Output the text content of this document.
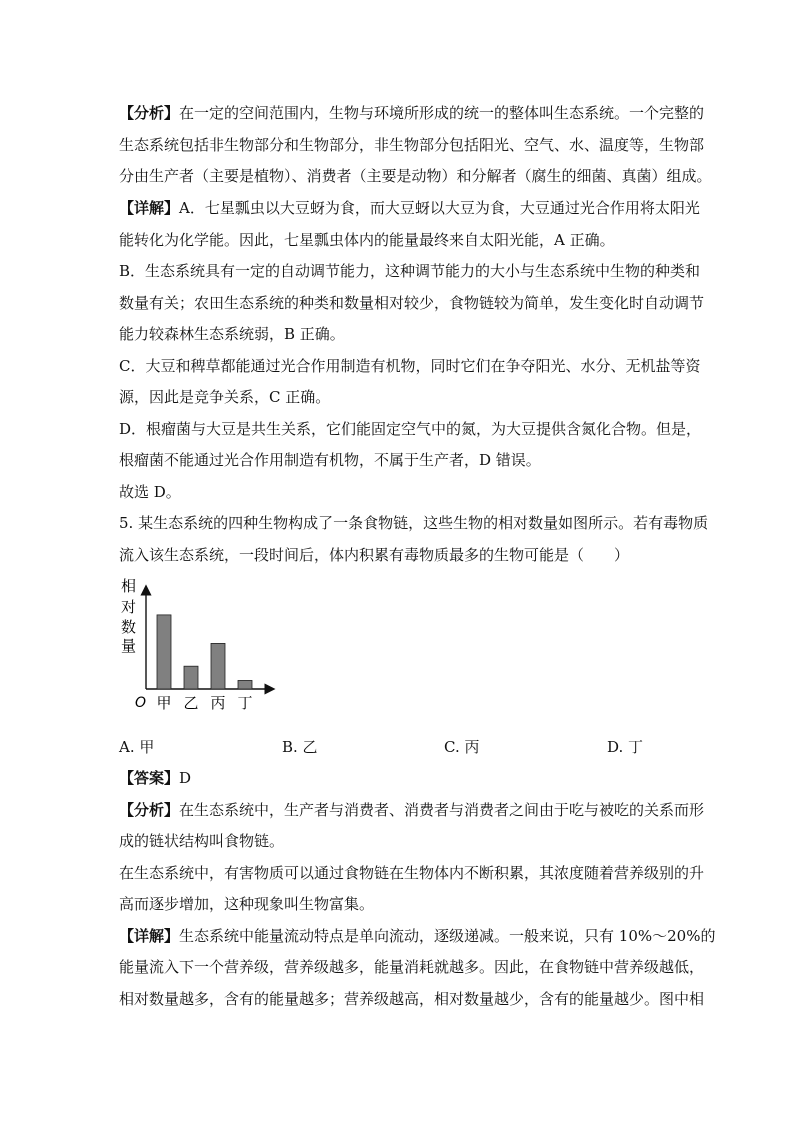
【分析】在一定的空间范围内，生物与环境所形成的统一的整体叫生态系统。一个完整的
生态系统包括非生物部分和生物部分，非生物部分包括阳光、空气、水、温度等，生物部
分由生产者（主要是植物）、消费者（主要是动物）和分解者（腐生的细菌、真菌）组成。
【详解】A．七星瓢虫以大豆蚜为食，而大豆蚜以大豆为食，大豆通过光合作用将太阳光
能转化为化学能。因此，七星瓢虫体内的能量最终来自太阳光能，A 正确。
B．生态系统具有一定的自动调节能力，这种调节能力的大小与生态系统中生物的种类和
数量有关；农田生态系统的种类和数量相对较少，食物链较为简单，发生变化时自动调节
能力较森林生态系统弱，B 正确。
C．大豆和稗草都能通过光合作用制造有机物，同时它们在争夺阳光、水分、无机盐等资
源，因此是竞争关系，C 正确。
D．根瘤菌与大豆是共生关系，它们能固定空气中的氮，为大豆提供含氮化合物。但是，
根瘤菌不能通过光合作用制造有机物，不属于生产者，D 错误。
故选 D。
5. 某生态系统的四种生物构成了一条食物链，这些生物的相对数量如图所示。若有毒物质
流入该生态系统，一段时间后，体内积累有毒物质最多的生物可能是（　　）
相
对
数
量
O 甲 乙 丙 丁
A. 甲	B. 乙	C. 丙	D. 丁
【答案】D
【分析】在生态系统中，生产者与消费者、消费者与消费者之间由于吃与被吃的关系而形
成的链状结构叫食物链。
在生态系统中，有害物质可以通过食物链在生物体内不断积累，其浓度随着营养级别的升
高而逐步增加，这种现象叫生物富集。
【详解】生态系统中能量流动特点是单向流动，逐级递减。一般来说，只有 10%～20%的
能量流入下一个营养级，营养级越多，能量消耗就越多。因此，在食物链中营养级越低，
相对数量越多，含有的能量越多；营养级越高，相对数量越少，含有的能量越少。图中相
